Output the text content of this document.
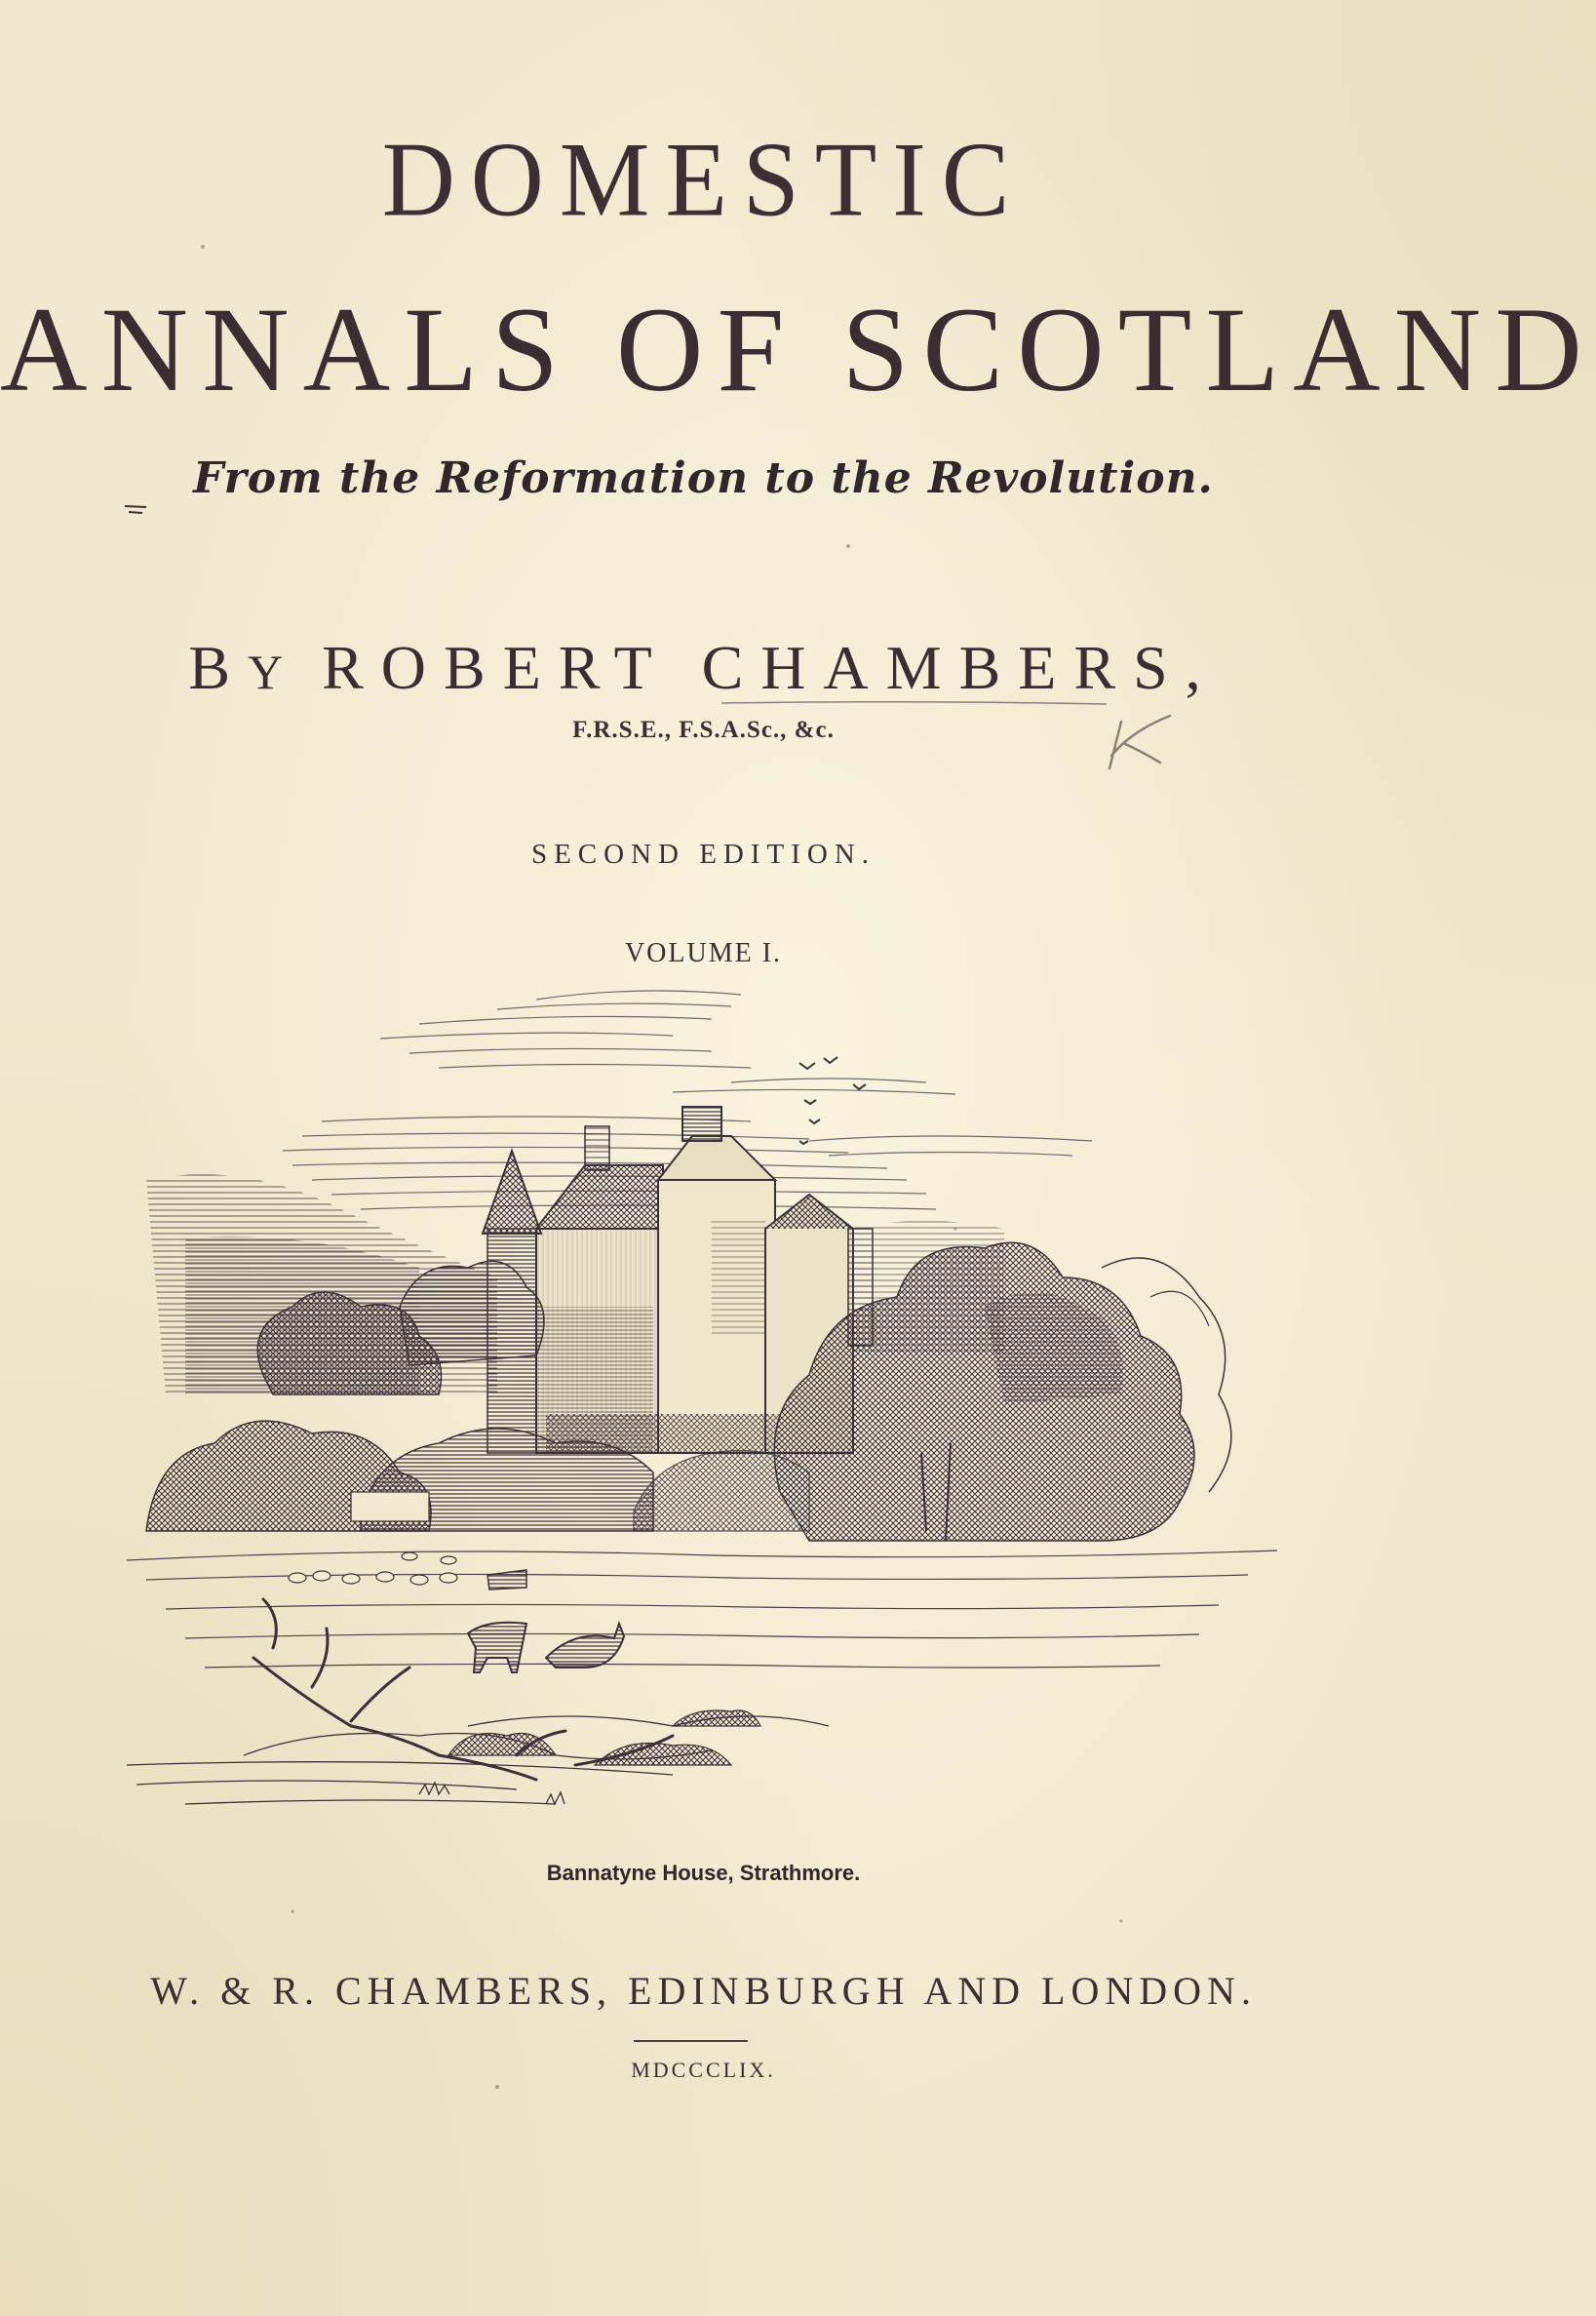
DOMESTIC
ANNALS OF SCOTLAND
From the Reformation to the Revolution.
BY ROBERT CHAMBERS,
F.R.S.E., F.S.A.Sc., &c.
SECOND EDITION.
VOLUME I.
Bannatyne House, Strathmore.
W. & R. CHAMBERS, EDINBURGH AND LONDON.
MDCCCLIX.
